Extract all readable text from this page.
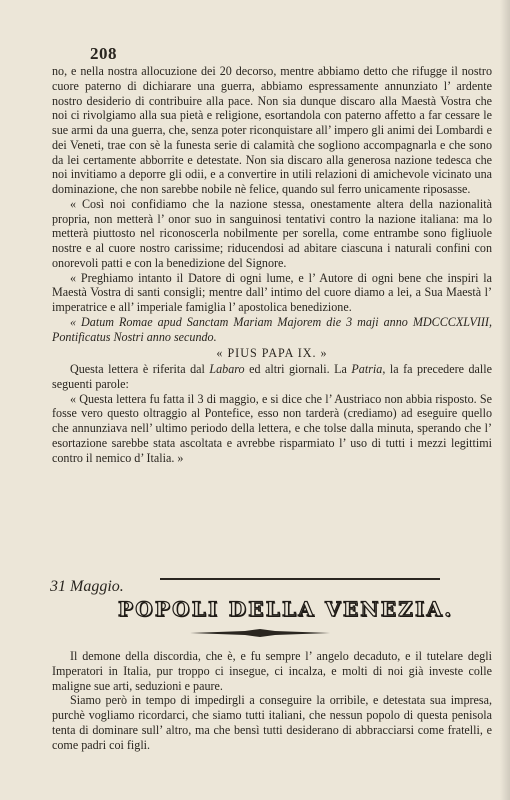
208

no, e nella nostra allocuzione dei 20 decorso, mentre abbiamo detto che rifugge il nostro cuore paterno di dichiarare una guerra, abbiamo espressamente annunziato l’ ardente nostro desiderio di contribuire alla pace. Non sia dunque discaro alla Maestà Vostra che noi ci rivolgiamo alla sua pietà e religione, esortandola con paterno affetto a far cessare le sue armi da una guerra, che, senza poter riconquistare all’ impero gli animi dei Lombardi e dei Veneti, trae con sè la funesta serie di calamità che sogliono accompagnarla e che sono da lei certamente abborrite e detestate. Non sia discaro alla generosa nazione tedesca che noi invitiamo a deporre gli odii, e a convertire in utili relazioni di amichevole vicinato una dominazione, che non sarebbe nobile nè felice, quando sul ferro unicamente riposasse.

« Così noi confidiamo che la nazione stessa, onestamente altera della nazionalità propria, non metterà l’ onor suo in sanguinosi tentativi contro la nazione italiana: ma lo metterà piuttosto nel riconoscerla nobilmente per sorella, come entrambe sono figliuole nostre e al cuore nostro carissime; riducendosi ad abitare ciascuna i naturali confini con onorevoli patti e con la benedizione del Signore.

« Preghiamo intanto il Datore di ogni lume, e l’ Autore di ogni bene che inspiri la Maestà Vostra di santi consigli; mentre dall’ intimo del cuore diamo a lei, a Sua Maestà l’ imperatrice e all’ imperiale famiglia l’ apostolica benedizione.

« Datum Romae apud Sanctam Mariam Majorem die 3 maji anno MDCCCXLVIII, Pontificatus Nostri anno secundo.

« PIUS PAPA IX. »

Questa lettera è riferita dal Labaro ed altri giornali. La Patria, la fa precedere dalle seguenti parole:

« Questa lettera fu fatta il 3 di maggio, e si dice che l’ Austriaco non abbia risposto. Se fosse vero questo oltraggio al Pontefice, esso non tarderà (crediamo) ad eseguire quello che annunziava nell’ ultimo periodo della lettera, e che tolse dalla minuta, sperando che l’ esortazione sarebbe stata ascoltata e avrebbe risparmiato l’ uso di tutti i mezzi legittimi contro il nemico d’ Italia. »

31 Maggio.
POPOLI DELLA VENEZIA.

Il demone della discordia, che è, e fu sempre l’ angelo decaduto, e il tutelare degli Imperatori in Italia, pur troppo ci insegue, ci incalza, e molti di noi già investe colle maligne sue arti, seduzioni e paure.

Siamo però in tempo di impedirgli a conseguire la orribile, e detestata sua impresa, purchè vogliamo ricordarci, che siamo tutti italiani, che nessun popolo di questa penisola tenta di dominare sull’ altro, ma che bensì tutti desiderano di abbracciarsi come fratelli, e come padri coi figli.
